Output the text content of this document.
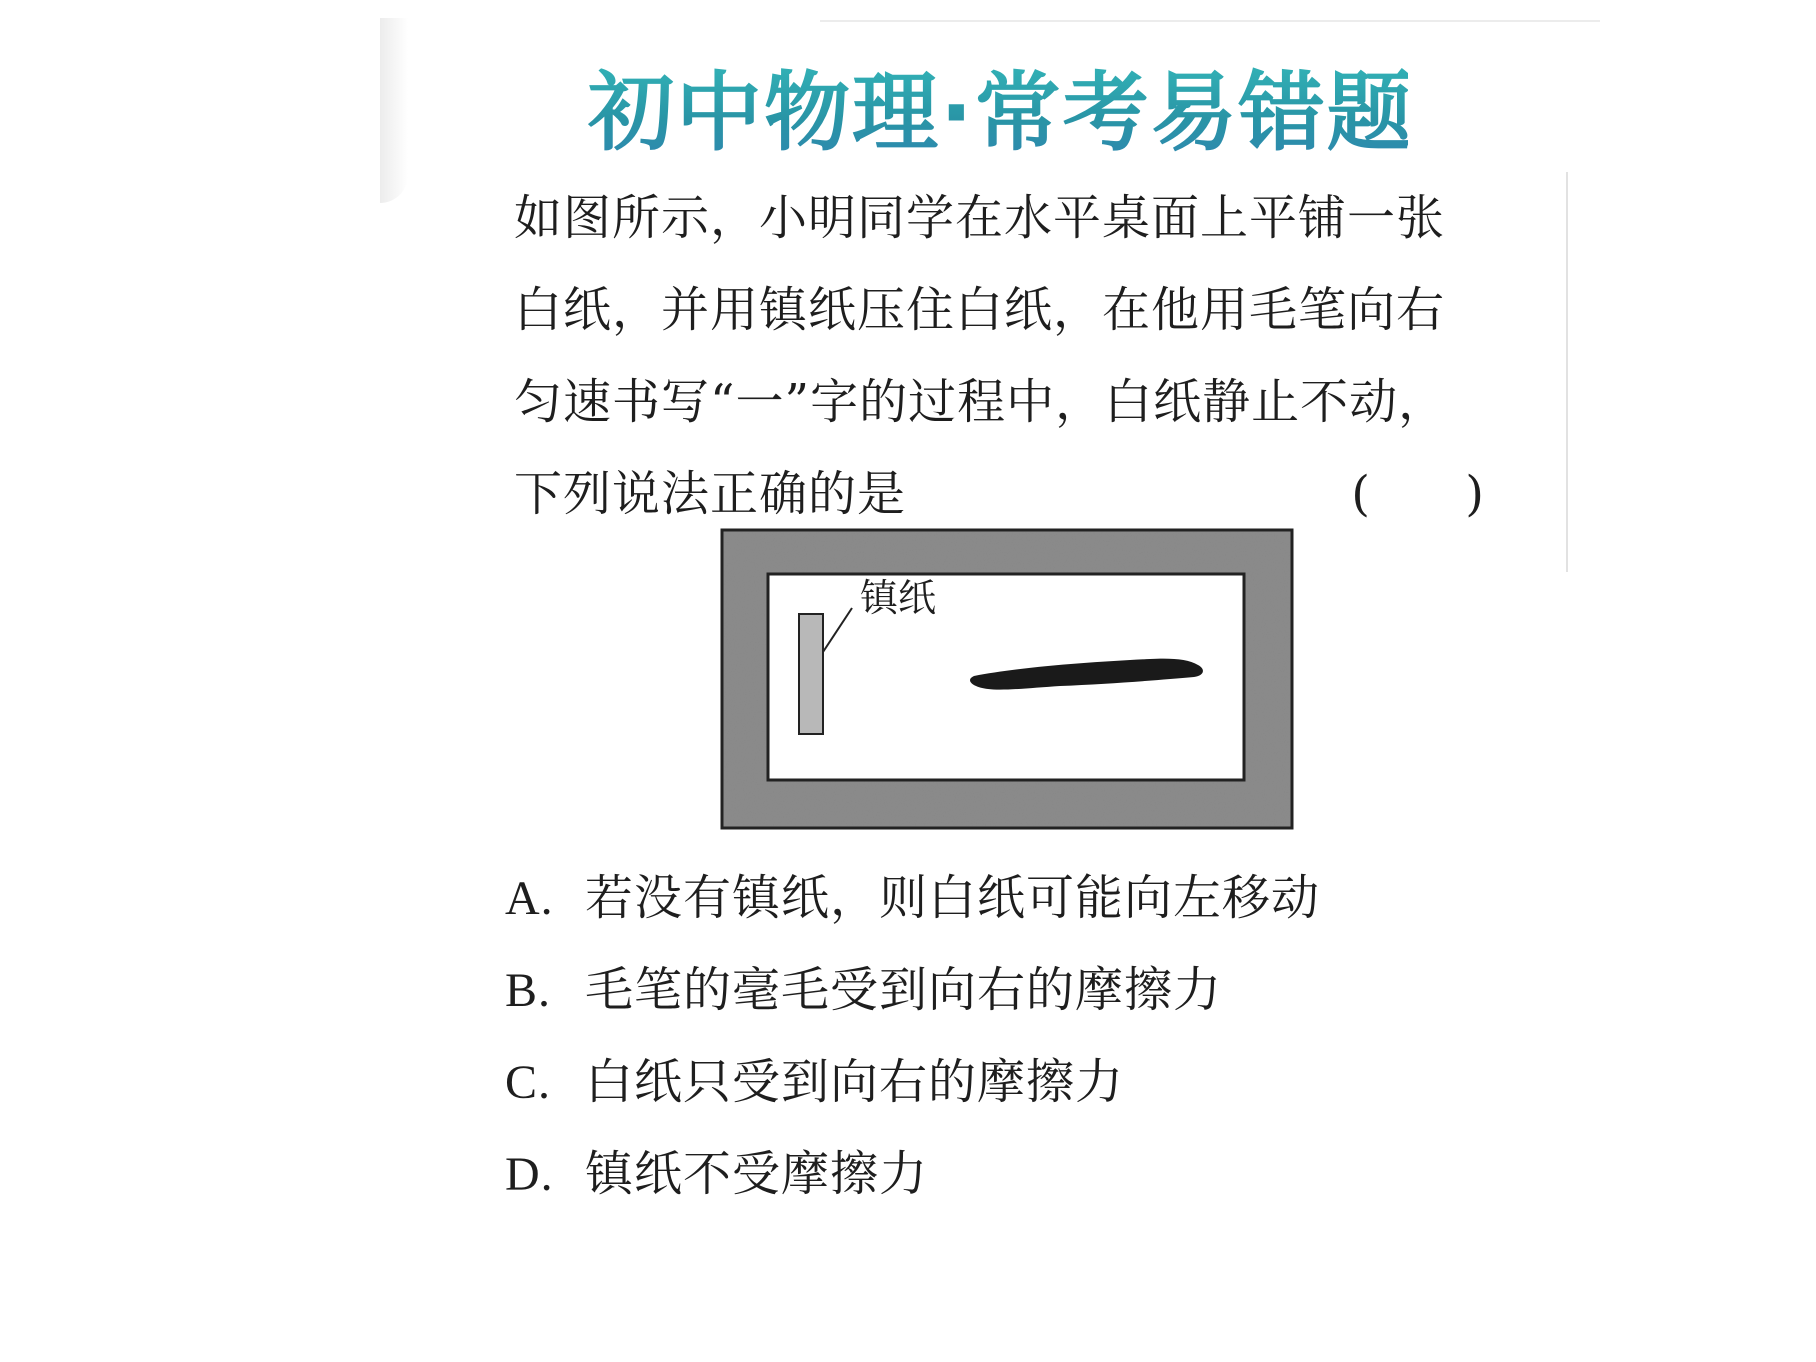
初中物理·常考易错题
如图所示，小明同学在水平桌面上平铺一张
白纸，并用镇纸压住白纸，在他用毛笔向右
匀速书写“一”字的过程中，白纸静止不动，
下列说法正确的是	( )
镇纸
A. 若没有镇纸，则白纸可能向左移动
B. 毛笔的毫毛受到向右的摩擦力
C. 白纸只受到向右的摩擦力
D. 镇纸不受摩擦力
